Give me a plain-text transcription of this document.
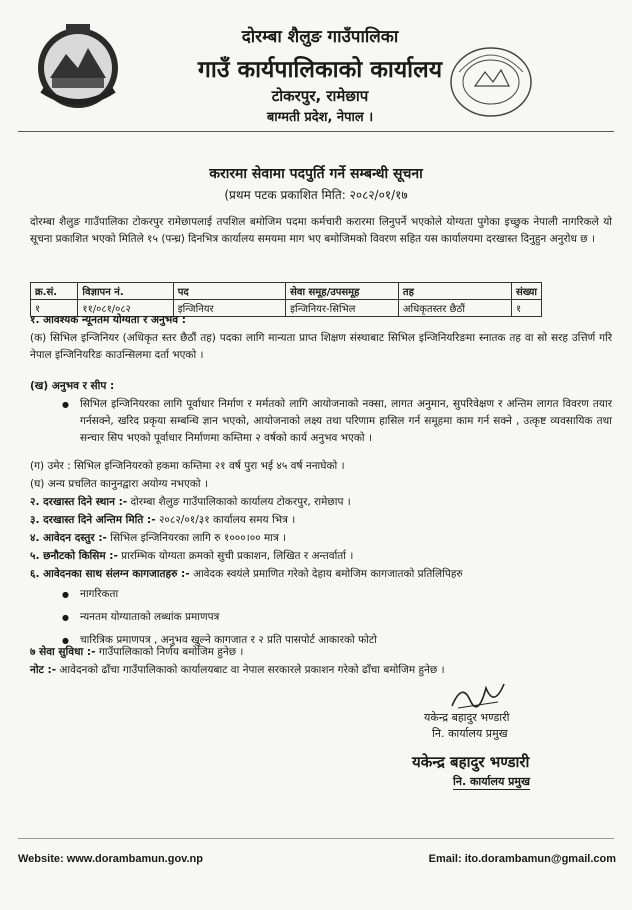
दोरम्बा शैलुङ गाउँपालिका
गाउँ कार्यपालिकाको कार्यालय
टोकरपुर, रामेछाप
बाग्मती प्रदेश, नेपाल ।
करारमा सेवामा पदपुर्ति गर्ने सम्बन्धी सूचना
(प्रथम पटक प्रकाशित मिति: २०८२/०१/१७
दोरम्बा शैलुङ गाउँपालिका टोकरपुर रामेछापलाई तपशिल बमोजिम पदमा कर्मचारी करारमा लिनुपर्ने भएकोले योग्यता पुगेका इच्छुक नेपाली नागरिकले यो सूचना प्रकाशित भएको मितिले १५ (पन्ध्र) दिनभित्र कार्यालय समयमा माग भए बमोजिमको विवरण सहित यस कार्यालयमा दरखास्त दिनुहुन अनुरोध छ ।
क्र.सं.	विज्ञापन नं.	पद	सेवा समूह/उपसमूह	तह	संख्या
१	११/०८१/०८२	इन्जिनियर	इन्जिनियर-सिभिल	अधिकृतस्तर छैठौं	१
१. आवश्यक न्यूनतम योग्यता र अनुभव :
(क) सिभिल इन्जिनियर (अधिकृत स्तर छैठौं तह) पदका लागि मान्यता प्राप्त शिक्षण संस्थाबाट सिभिल इन्जिनियरिङमा स्नातक तह वा सो सरह उत्तिर्ण गरि नेपाल इन्जिनियरिङ काउन्सिलमा दर्ता भएको ।
(ख) अनुभव र सीप :
● सिभिल इन्जिनियरका लागि पूर्वाधार निर्माण र मर्मतको लागि आयोजनाको नक्सा, लागत अनुमान, सुपरिवेक्षण र अन्तिम लागत विवरण तयार गर्नसक्ने, खरिद प्रकृया सम्बन्धि ज्ञान भएको, आयोजनाको लक्ष्य तथा परिणाम हासिल गर्न समूहमा काम गर्न सक्ने , उत्कृष्ट व्यवसायिक तथा सन्चार सिप भएको पूर्वाधार निर्माणमा कम्तिमा २ वर्षको कार्य अनुभव भएको ।
(ग) उमेर : सिभिल इन्जिनियरको हकमा कम्तिमा २१ वर्ष पुरा भई ४५ वर्ष ननाघेको ।
(घ) अन्य प्रचलित कानुनद्वारा अयोग्य नभएको ।
२. दरखास्त दिने स्थान :- दोरम्बा शैलुङ गाउँपालिकाको कार्यालय टोकरपुर, रामेछाप ।
३. दरखास्त दिने अन्तिम मिति :- २०८२/०१/३१ कार्यालय समय भित्र ।
४. आवेदन दस्तुर :- सिभिल इन्जिनियरका लागि रु १०००।०० मात्र ।
५. छनौटको किसिम :- प्रारम्भिक योग्यता क्रमको सुची प्रकाशन, लिखित र अन्तर्वार्ता ।
६. आवेदनका साथ संलग्न कागजातहरु :- आवेदक स्वयंले प्रमाणित गरेको देहाय बमोजिम कागजातको प्रतिलिपिहरु
● नागरिकता
● न्यनतम योग्याताको लब्धांक प्रमाणपत्र
● चारित्रिक प्रमाणपत्र , अनुभव खुल्ने कागजात र २ प्रति पासपोर्ट आकारको फोटो
७ सेवा सुविधा :- गाउँपालिकाको निर्णय बमोजिम हुनेछ ।
नोट :- आवेदनको ढाँचा गाउँपालिकाको कार्यालयबाट वा नेपाल सरकारले प्रकाशन गरेको ढाँचा बमोजिम हुनेछ ।
यकेन्द्र बहादुर भण्डारी
नि. कार्यालय प्रमुख
यकेन्द्र बहादुर भण्डारी
नि. कार्यालय प्रमुख
Website: www.dorambamun.gov.np	Email: ito.dorambamun@gmail.com
